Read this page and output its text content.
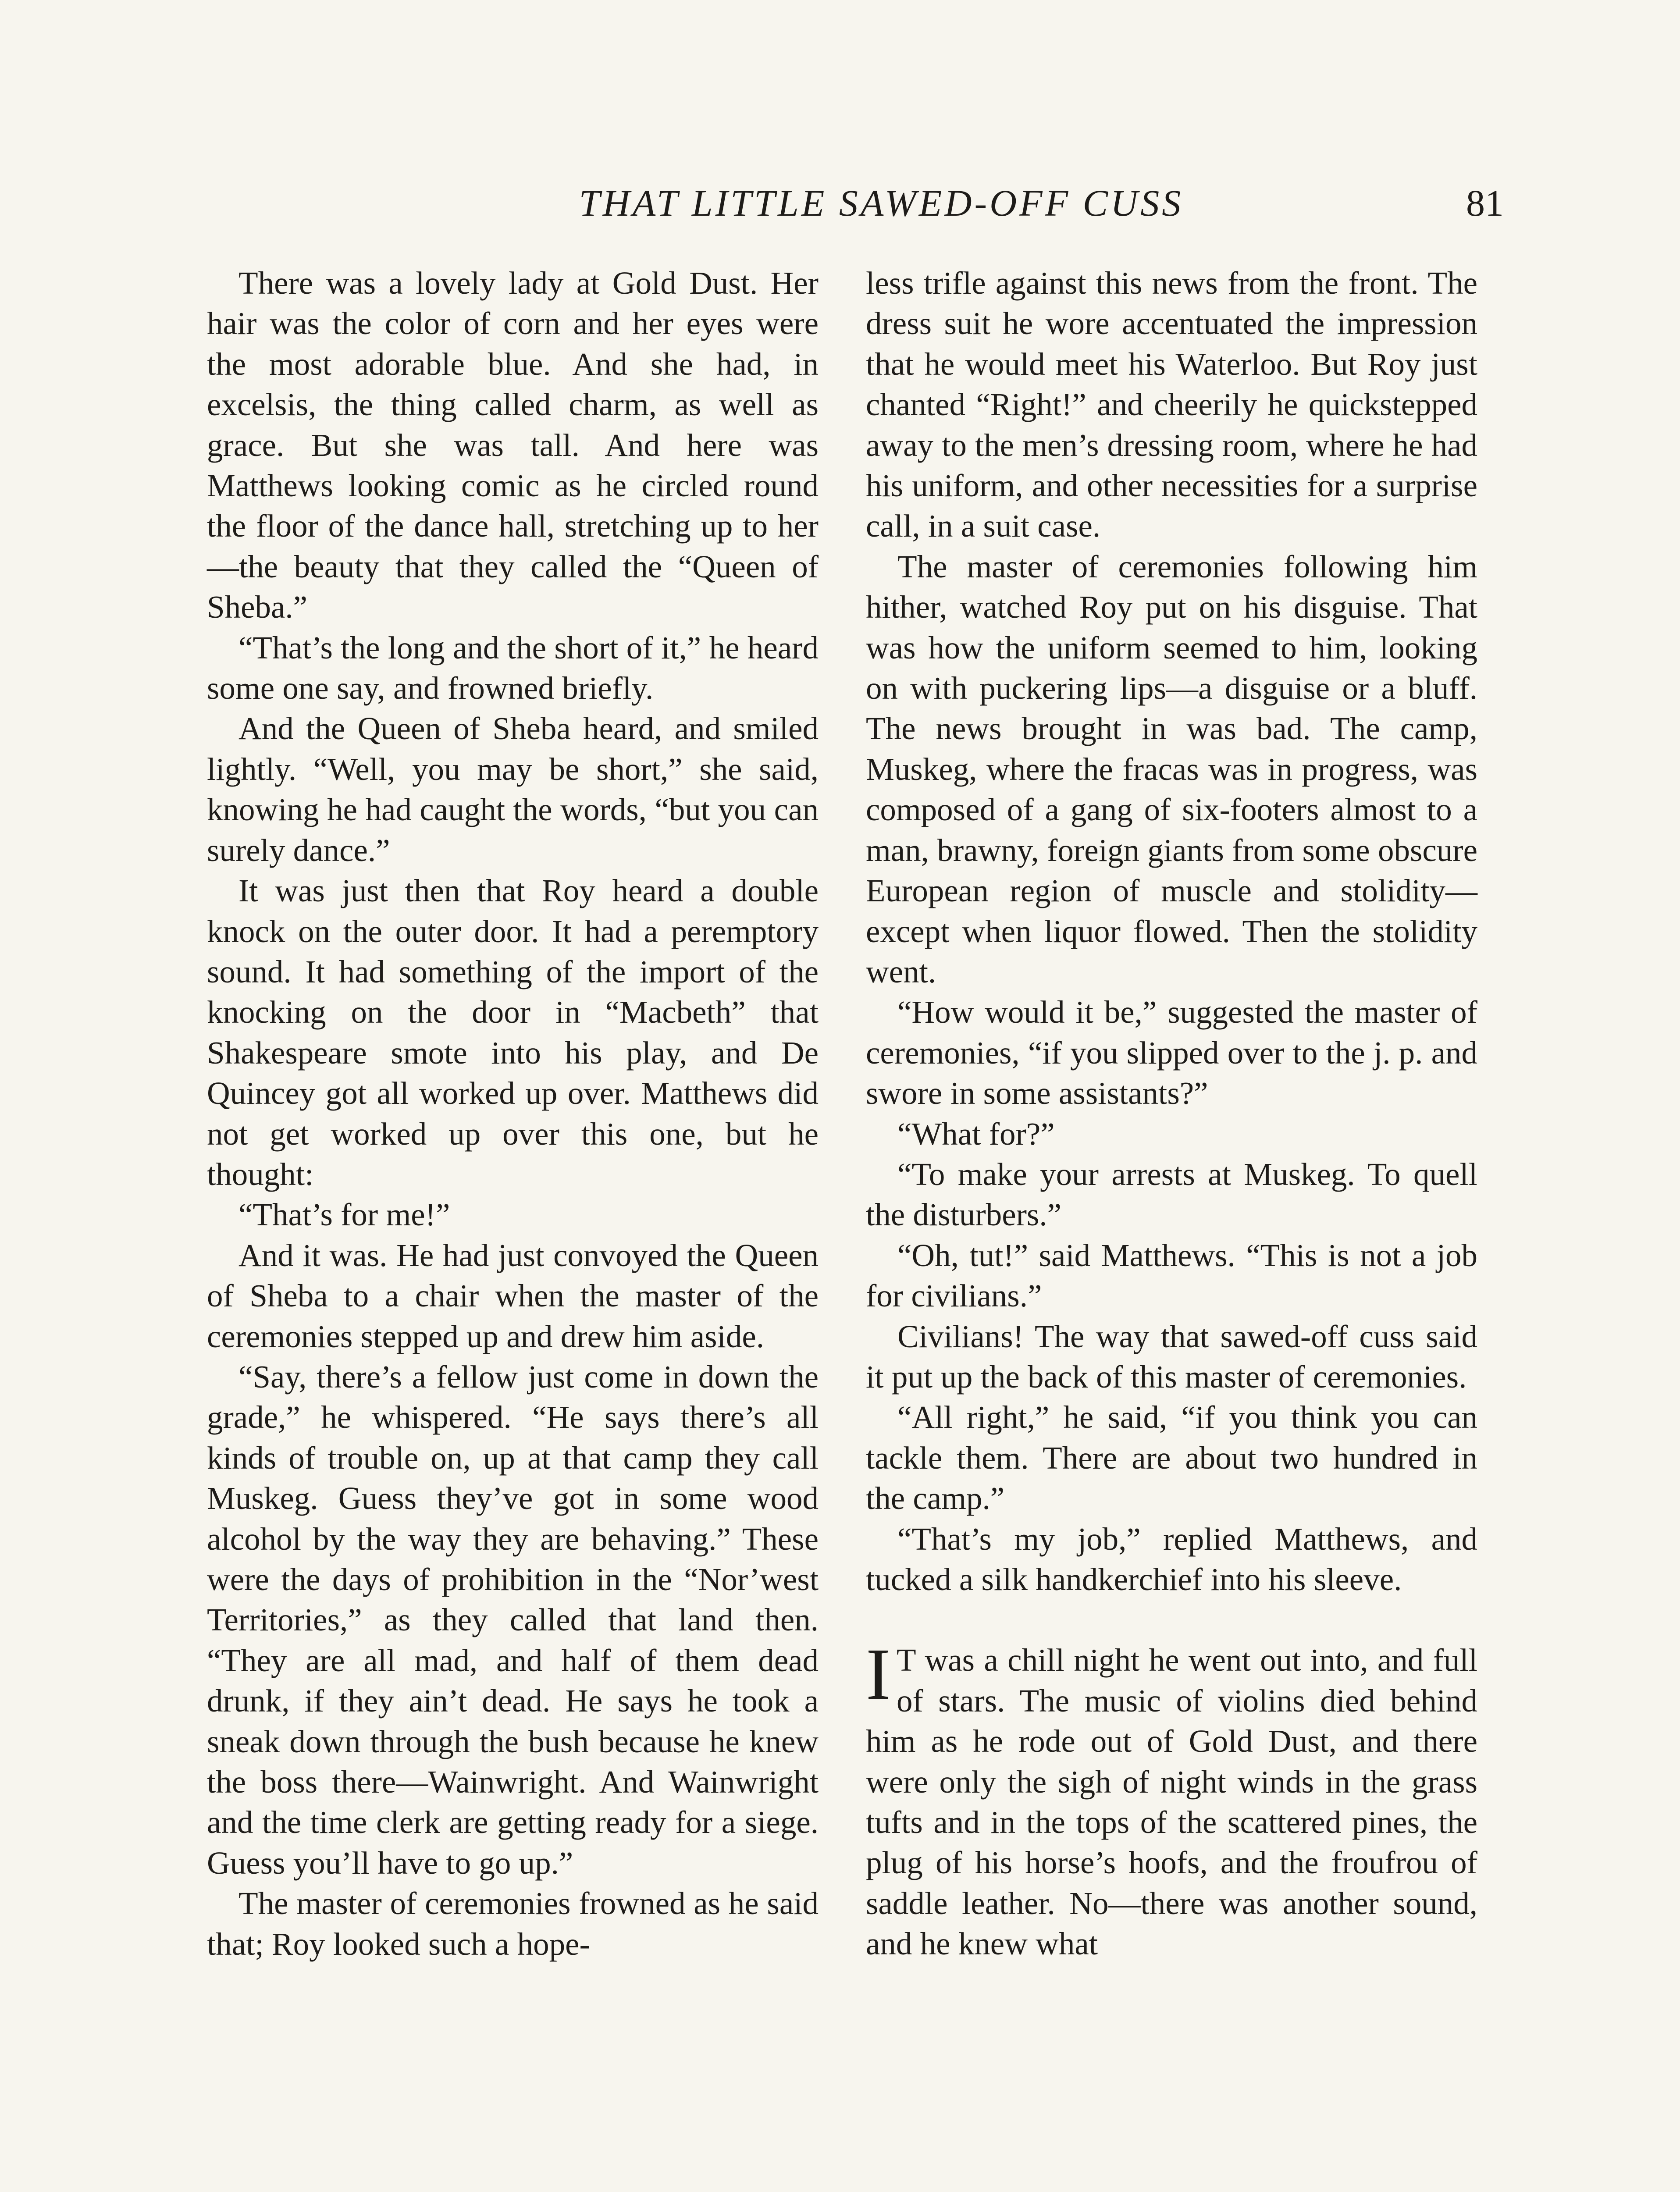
THAT LITTLE SAWED-OFF CUSS	81

There was a lovely lady at Gold Dust. Her hair was the color of corn and her eyes were the most adorable blue. And she had, in excelsis, the thing called charm, as well as grace. But she was tall. And here was Matthews looking comic as he circled round the floor of the dance hall, stretching up to her —the beauty that they called the “Queen of Sheba.”

“That’s the long and the short of it,” he heard some one say, and frowned briefly.

And the Queen of Sheba heard, and smiled lightly. “Well, you may be short,” she said, knowing he had caught the words, “but you can surely dance.”

It was just then that Roy heard a double knock on the outer door. It had a peremptory sound. It had something of the import of the knocking on the door in “Macbeth” that Shakespeare smote into his play, and De Quincey got all worked up over. Matthews did not get worked up over this one, but he thought:

“That’s for me!”

And it was. He had just convoyed the Queen of Sheba to a chair when the master of the ceremonies stepped up and drew him aside.

“Say, there’s a fellow just come in down the grade,” he whispered. “He says there’s all kinds of trouble on, up at that camp they call Muskeg. Guess they’ve got in some wood alcohol by the way they are behaving.” These were the days of prohibition in the “Nor’west Territories,” as they called that land then. “They are all mad, and half of them dead drunk, if they ain’t dead. He says he took a sneak down through the bush because he knew the boss there—Wainwright. And Wainwright and the time clerk are getting ready for a siege. Guess you’ll have to go up.”

The master of ceremonies frowned as he said that; Roy looked such a hope-

less trifle against this news from the front. The dress suit he wore accentuated the impression that he would meet his Waterloo. But Roy just chanted “Right!” and cheerily he quickstepped away to the men’s dressing room, where he had his uniform, and other necessities for a surprise call, in a suit case.

The master of ceremonies following him hither, watched Roy put on his disguise. That was how the uniform seemed to him, looking on with puckering lips—a disguise or a bluff. The news brought in was bad. The camp, Muskeg, where the fracas was in progress, was composed of a gang of six-footers almost to a man, brawny, foreign giants from some obscure European region of muscle and stolidity—except when liquor flowed. Then the stolidity went.

“How would it be,” suggested the master of ceremonies, “if you slipped over to the j. p. and swore in some assistants?”

“What for?”

“To make your arrests at Muskeg. To quell the disturbers.”

“Oh, tut!” said Matthews. “This is not a job for civilians.”

Civilians! The way that sawed-off cuss said it put up the back of this master of ceremonies.

“All right,” he said, “if you think you can tackle them. There are about two hundred in the camp.”

“That’s my job,” replied Matthews, and tucked a silk handkerchief into his sleeve.

I T was a chill night he went out into, and full of stars. The music of violins died behind him as he rode out of Gold Dust, and there were only the sigh of night winds in the grass tufts and in the tops of the scattered pines, the plug of his horse’s hoofs, and the froufrou of saddle leather. No—there was another sound, and he knew what
